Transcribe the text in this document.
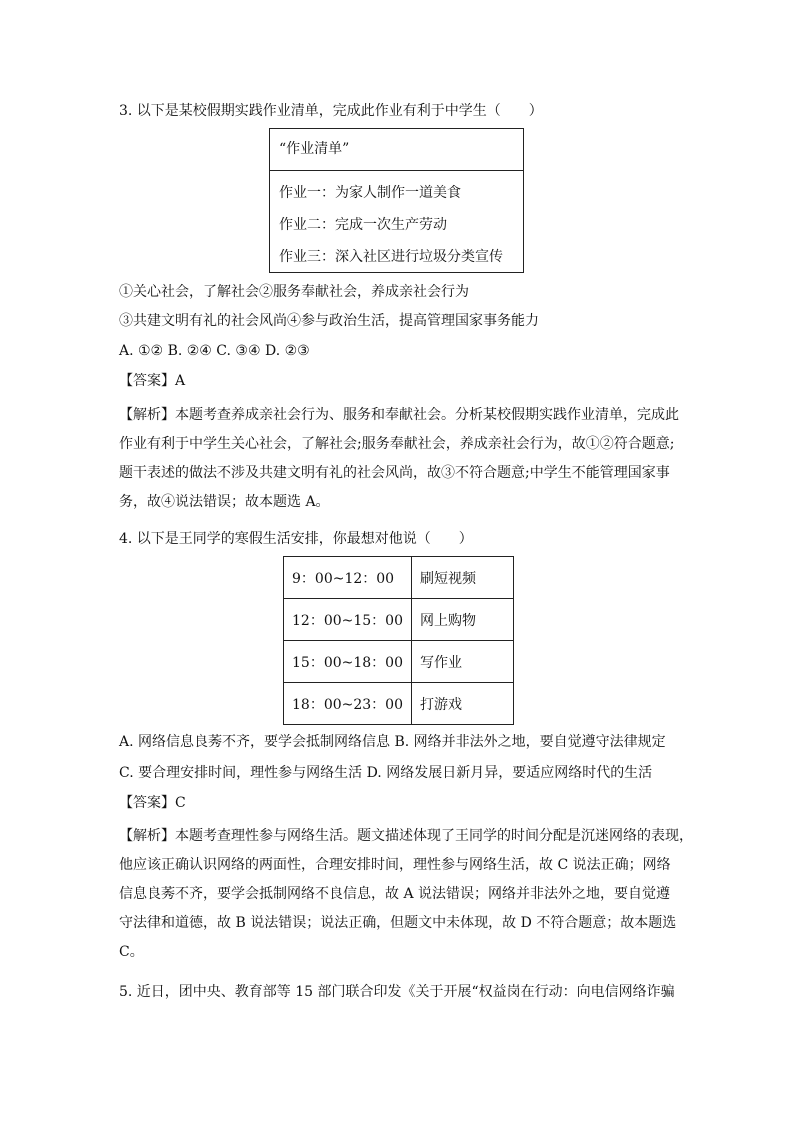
3. 以下是某校假期实践作业清单，完成此作业有利于中学生（　　）
“作业清单”
作业一：为家人制作一道美食
作业二：完成一次生产劳动
作业三：深入社区进行垃圾分类宣传
①关心社会，了解社会②服务奉献社会，养成亲社会行为
③共建文明有礼的社会风尚④参与政治生活，提高管理国家事务能力
A. ①② B. ②④ C. ③④ D. ②③
【答案】A
【解析】本题考查养成亲社会行为、服务和奉献社会。分析某校假期实践作业清单，完成此
作业有利于中学生关心社会，了解社会;服务奉献社会，养成亲社会行为，故①②符合题意;
题干表述的做法不涉及共建文明有礼的社会风尚，故③不符合题意;中学生不能管理国家事
务，故④说法错误；故本题选 A。
4. 以下是王同学的寒假生活安排，你最想对他说（　　）
9：00~12：00	刷短视频
12：00~15：00	网上购物
15：00~18：00	写作业
18：00~23：00	打游戏
A. 网络信息良莠不齐，要学会抵制网络信息 B. 网络并非法外之地，要自觉遵守法律规定
C. 要合理安排时间，理性参与网络生活 D. 网络发展日新月异，要适应网络时代的生活
【答案】C
【解析】本题考查理性参与网络生活。题文描述体现了王同学的时间分配是沉迷网络的表现，
他应该正确认识网络的两面性，合理安排时间，理性参与网络生活，故 C 说法正确；网络
信息良莠不齐，要学会抵制网络不良信息，故 A 说法错误；网络并非法外之地，要自觉遵
守法律和道德，故 B 说法错误；说法正确，但题文中未体现，故 D 不符合题意；故本题选
C。
5. 近日，团中央、教育部等 15 部门联合印发《关于开展“权益岗在行动：向电信网络诈骗
